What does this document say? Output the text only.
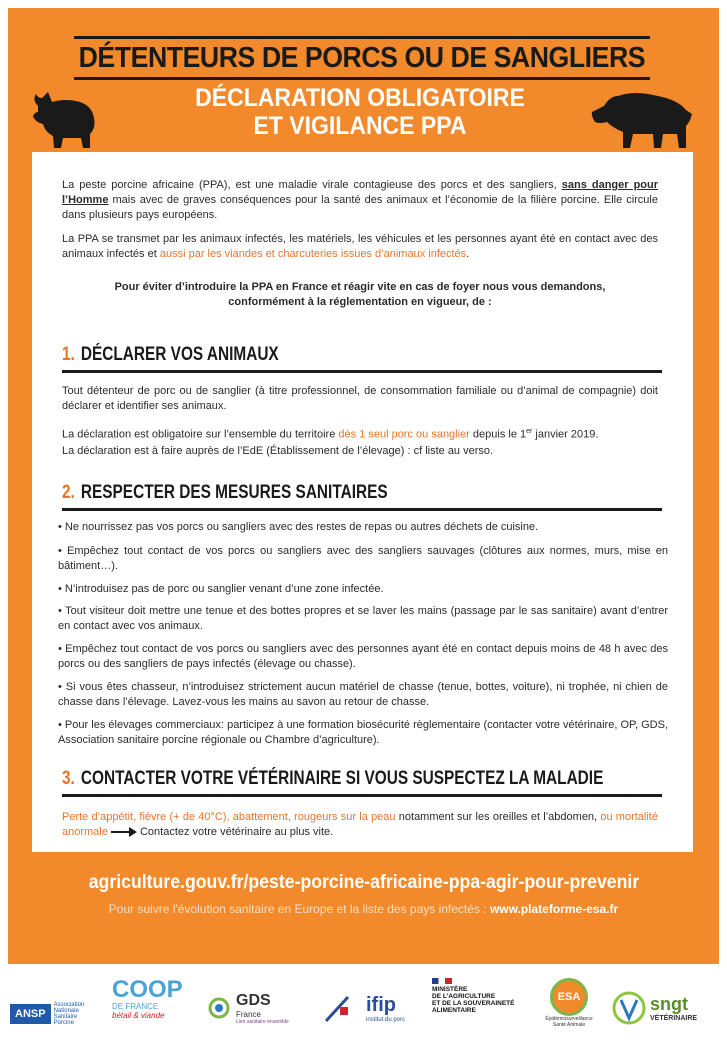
DÉTENTEURS DE PORCS OU DE SANGLIERS
DÉCLARATION OBLIGATOIRE
ET VIGILANCE PPA
La peste porcine africaine (PPA), est une maladie virale contagieuse des porcs et des sangliers, sans danger pour l’Homme mais avec de graves conséquences pour la santé des animaux et l’économie de la filière porcine. Elle circule dans plusieurs pays européens.
La PPA se transmet par les animaux infectés, les matériels, les véhicules et les personnes ayant été en contact avec des animaux infectés et aussi par les viandes et charcuteries issues d’animaux infectés.
Pour éviter d’introduire la PPA en France et réagir vite en cas de foyer nous vous demandons,
conformément à la réglementation en vigueur, de :
1. DÉCLARER VOS ANIMAUX
Tout détenteur de porc ou de sanglier (à titre professionnel, de consommation familiale ou d’animal de compagnie) doit déclarer et identifier ses animaux.
La déclaration est obligatoire sur l’ensemble du territoire dès 1 seul porc ou sanglier depuis le 1er janvier 2019.
La déclaration est à faire auprès de l’EdE (Établissement de l’élevage) : cf liste au verso.
2. RESPECTER DES MESURES SANITAIRES
• Ne nourrissez pas vos porcs ou sangliers avec des restes de repas ou autres déchets de cuisine.
• Empêchez tout contact de vos porcs ou sangliers avec des sangliers sauvages (clôtures aux normes, murs, mise en bâtiment…).
• N’introduisez pas de porc ou sanglier venant d’une zone infectée.
• Tout visiteur doit mettre une tenue et des bottes propres et se laver les mains (passage par le sas sanitaire) avant d’entrer en contact avec vos animaux.
• Empêchez tout contact de vos porcs ou sangliers avec des personnes ayant été en contact depuis moins de 48 h avec des porcs ou des sangliers de pays infectés (élevage ou chasse).
• Si vous êtes chasseur, n’introduisez strictement aucun matériel de chasse (tenue, bottes, voiture), ni trophée, ni chien de chasse dans l’élevage. Lavez-vous les mains au savon au retour de chasse.
• Pour les élevages commerciaux: participez à une formation biosécurité règlementaire (contacter votre vétérinaire, OP, GDS, Association sanitaire porcine régionale ou Chambre d’agriculture).
3. CONTACTER VOTRE VÉTÉRINAIRE SI VOUS SUSPECTEZ LA MALADIE
Perte d’appétit, fièvre (+ de 40°C), abattement, rougeurs sur la peau notamment sur les oreilles et l’abdomen, ou mortalité anormale	Contactez votre vétérinaire au plus vite.
agriculture.gouv.fr/peste-porcine-africaine-ppa-agir-pour-prevenir
Pour suivre l'évolution sanitaire en Europe et la liste des pays infectés : www.plateforme-esa.fr
ANSP
Association Nationale Sanitaire Porcine
COOP
DE FRANCE
bétail & viande
GDS
France
Lien sanitaire ensemble
ifip
institut du porc
MINISTÈRE
DE L'AGRICULTURE
ET DE LA SOUVERAINETÉ
ALIMENTAIRE
ESA
Épidémiosurveillance Santé Animale
sngt
VÉTÉRINAIRE
